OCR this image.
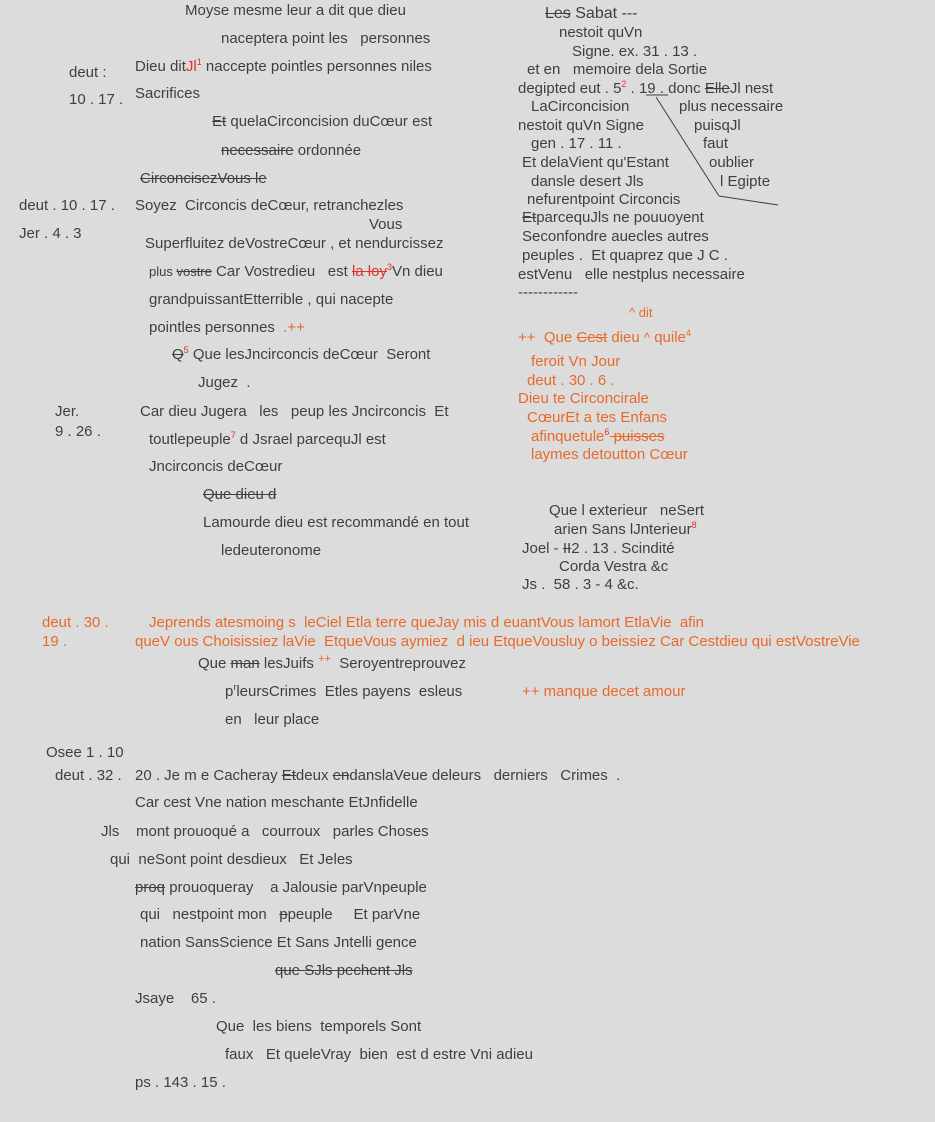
Moyse mesme leur a dit que dieu
naceptera point les   personnes
Dieu ditJl$^1$ naccepte pointles personnes niles
Sacrifices
Et quelaCirconcision duCœur est
necessaire ordonnée
CirconcisezVous le
Soyez  Circoncis deCœur, retranchezles
Vous
Superfluitez deVostreCœur , et nendurcissez
plus vostre Car Vostredieu   est la loy$^3$Vn dieu
grandpuissantEtterrible , qui nacepte
pointles personnes  .++
$Q^5$ Que lesJncirconcis deCœur  Seront
Jugez  .
Car dieu Jugera   les   peup les Jncirconcis  Et
toutlepeuple$^7$ d Jsrael parcequJl est
Jncirconcis deCœur
Que dieu d
Lamourde dieu est recommandé en tout
ledeuteronome
deut :
10 . 17 .
deut . 10 . 17 .
Jer . 4 . 3
Jer.
9 . 26 .
Les Sabat ---
nestoit quVn
Signe. ex. 31 . 13 .
et en   memoire dela Sortie
degipted eut . $5^2$ . 19 . donc ElleJl nest
LaCirconcision	plus necessaire
nestoit quVn Signe	puisqJl
gen . 17 . 11 .	faut
Et delaVient qu'Estant	oublier
dansle desert Jls	l Egipte
nefurentpoint Circoncis
EtparcequJls ne pouuoyent
Seconfondre auecles autres
peuples .  Et quaprez que J C .
estVenu   elle nestplus necessaire
------------
^ dit
++  Que Cest dieu ^ quile$^4$
feroit Vn Jour
deut . 30 . 6 .
Dieu te Circoncirale
CœurEt a tes Enfans
afinquetule$^6$ puisses
laymes detoutton Cœur
Que l exterieur   neSert
arien Sans lJnterieur$^8$
Joel - II2 . 13 . Scindité
Corda Vestra &c
Js .  58 . 3 - 4 &c.
deut . 30 .	Jeprends atesmoing s  leCiel Etla terre queJay mis d euantVous lamort EtlaVie  afin
19 .	queV ous Choisissiez laVie  EtqueVous aymiez  d ieu EtqueVousluy o beissiez Car Cestdieu qui estVostreVie
Que man lesJuifs ++  Seroyentreprouvez
$p^rleursCrimes$  Etles payens  esleus	++ manque decet amour
en   leur place
Osee 1 . 10
deut . 32 . 20 . Je m e Cacheray Etdeux endanslaVeue deleurs   derniers   Crimes  .
Car cest Vne nation meschante EtJnfidelle
Jls    mont prouoqué a   courroux   parles Choses
qui  neSont point desdieux   Et Jeles
proq prouoqueray    a Jalousie parVnpeuple
qui   nestpoint mon   ppeuple     Et parVne
nation SansScience Et Sans Jntelli gence
que SJls pechent Jls
Jsaye    65 .
Que  les biens  temporels Sont
faux   Et queleVray  bien  est d estre Vni adieu
ps . 143 . 15 .
